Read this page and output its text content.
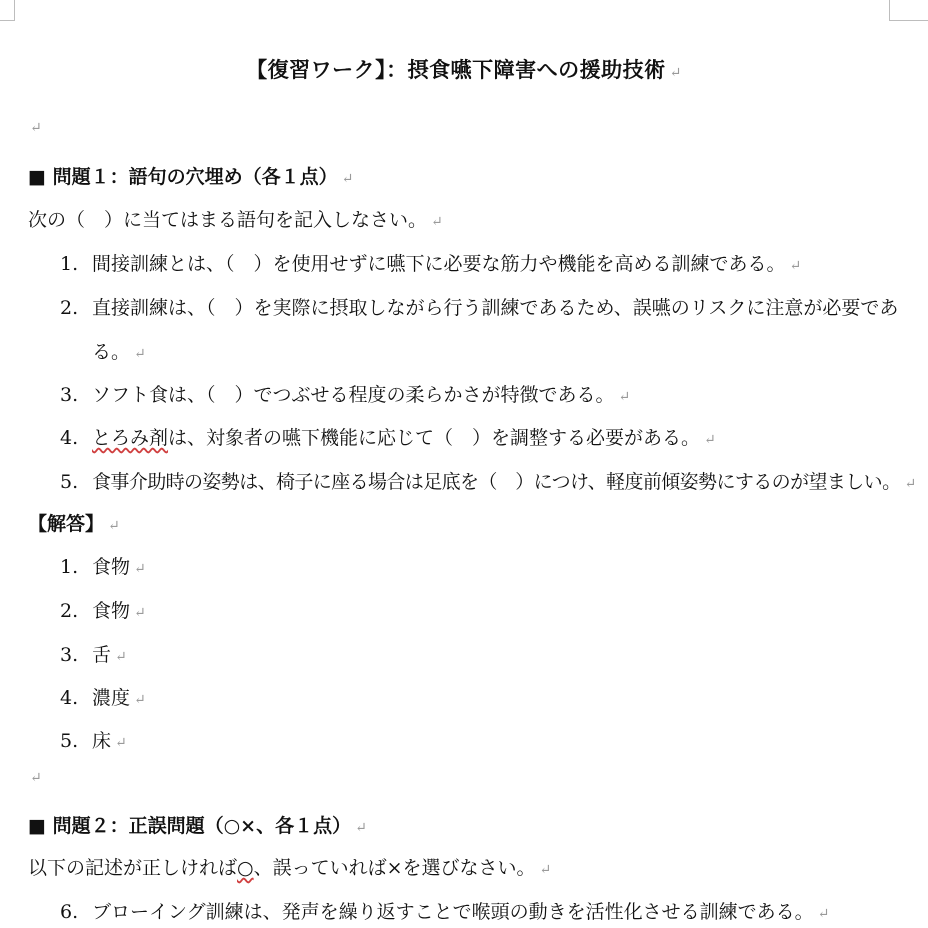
【復習ワーク】：摂食嚥下障害への援助技術 ↵
↵
■ 問題１：語句の穴埋め（各１点） ↵
次の（　）に当てはまる語句を記入しなさい。 ↵
1. 間接訓練とは、（　）を使用せずに嚥下に必要な筋力や機能を高める訓練である。 ↵
2. 直接訓練は、（　）を実際に摂取しながら行う訓練であるため、誤嚥のリスクに注意が必要であ
る。 ↵
3. ソフト食は、（　）でつぶせる程度の柔らかさが特徴である。 ↵
4. とろみ剤は、対象者の嚥下機能に応じて（　）を調整する必要がある。 ↵
5. 食事介助時の姿勢は、椅子に座る場合は足底を（　）につけ、軽度前傾姿勢にするのが望ましい。 ↵
【解答】 ↵
1. 食物 ↵
2. 食物 ↵
3. 舌 ↵
4. 濃度 ↵
5. 床 ↵
↵
■ 問題２：正誤問題（○×、各１点） ↵
以下の記述が正しければ○、誤っていれば×を選びなさい。 ↵
6. ブローイング訓練は、発声を繰り返すことで喉頭の動きを活性化させる訓練である。 ↵
